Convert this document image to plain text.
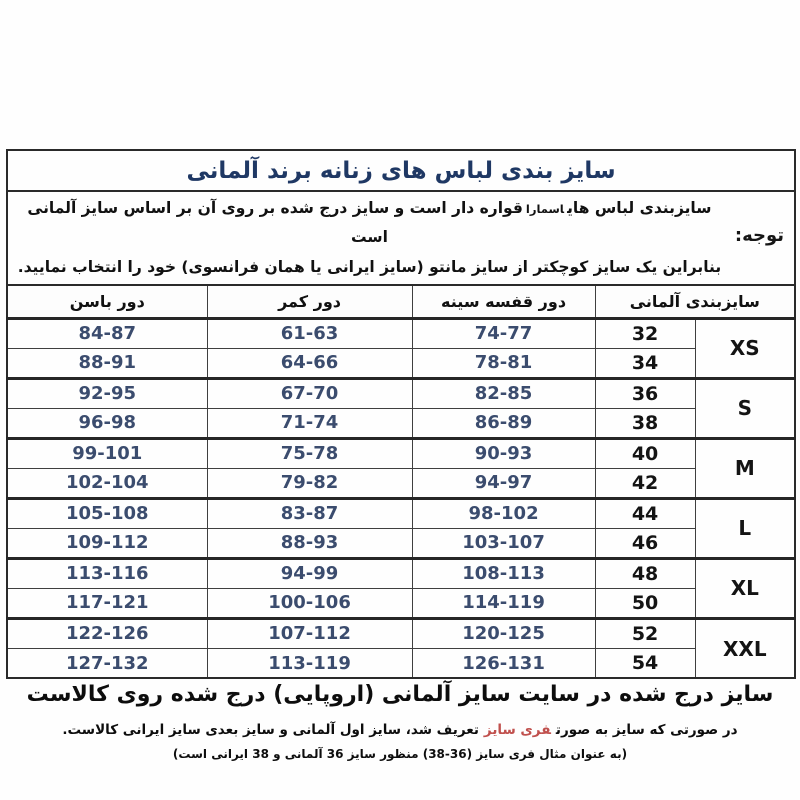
سایز بندی لباس های زنانه برند آلمانی				

توجه:
سایزبندی لباس هایاسماراقواره دار است و سایز درج شده بر روی آن بر اساس سایز آلمانی است
بنابراین یک سایز کوچکتر از سایز مانتو (سایز ایرانی یا همان فرانسوی) خود را انتخاب نمایید.				

سایزبندی آلمانی		دور قفسه سینه	دور کمر	دور باسن
XS	32	74-77	61-63	84-87
	34	78-81	64-66	88-91
S	36	82-85	67-70	92-95
	38	86-89	71-74	96-98
M	40	90-93	75-78	99-101
	42	94-97	79-82	102-104
L	44	98-102	83-87	105-108
	46	103-107	88-93	109-112
XL	48	108-113	94-99	113-116
	50	114-119	100-106	117-121
XXL	52	120-125	107-112	122-126
	54	126-131	113-119	127-132
سایز درج شده در سایت سایز آلمانی (اروپایی) درج شده روی کالاست
در صورتی که سایز به صورتفری سایزتعریف شد، سایز اول آلمانی و سایز بعدی سایز ایرانی کالاست.
(به عنوان مثال فری سایز (36-38) منظور سایز 36 آلمانی و 38 ایرانی است)
